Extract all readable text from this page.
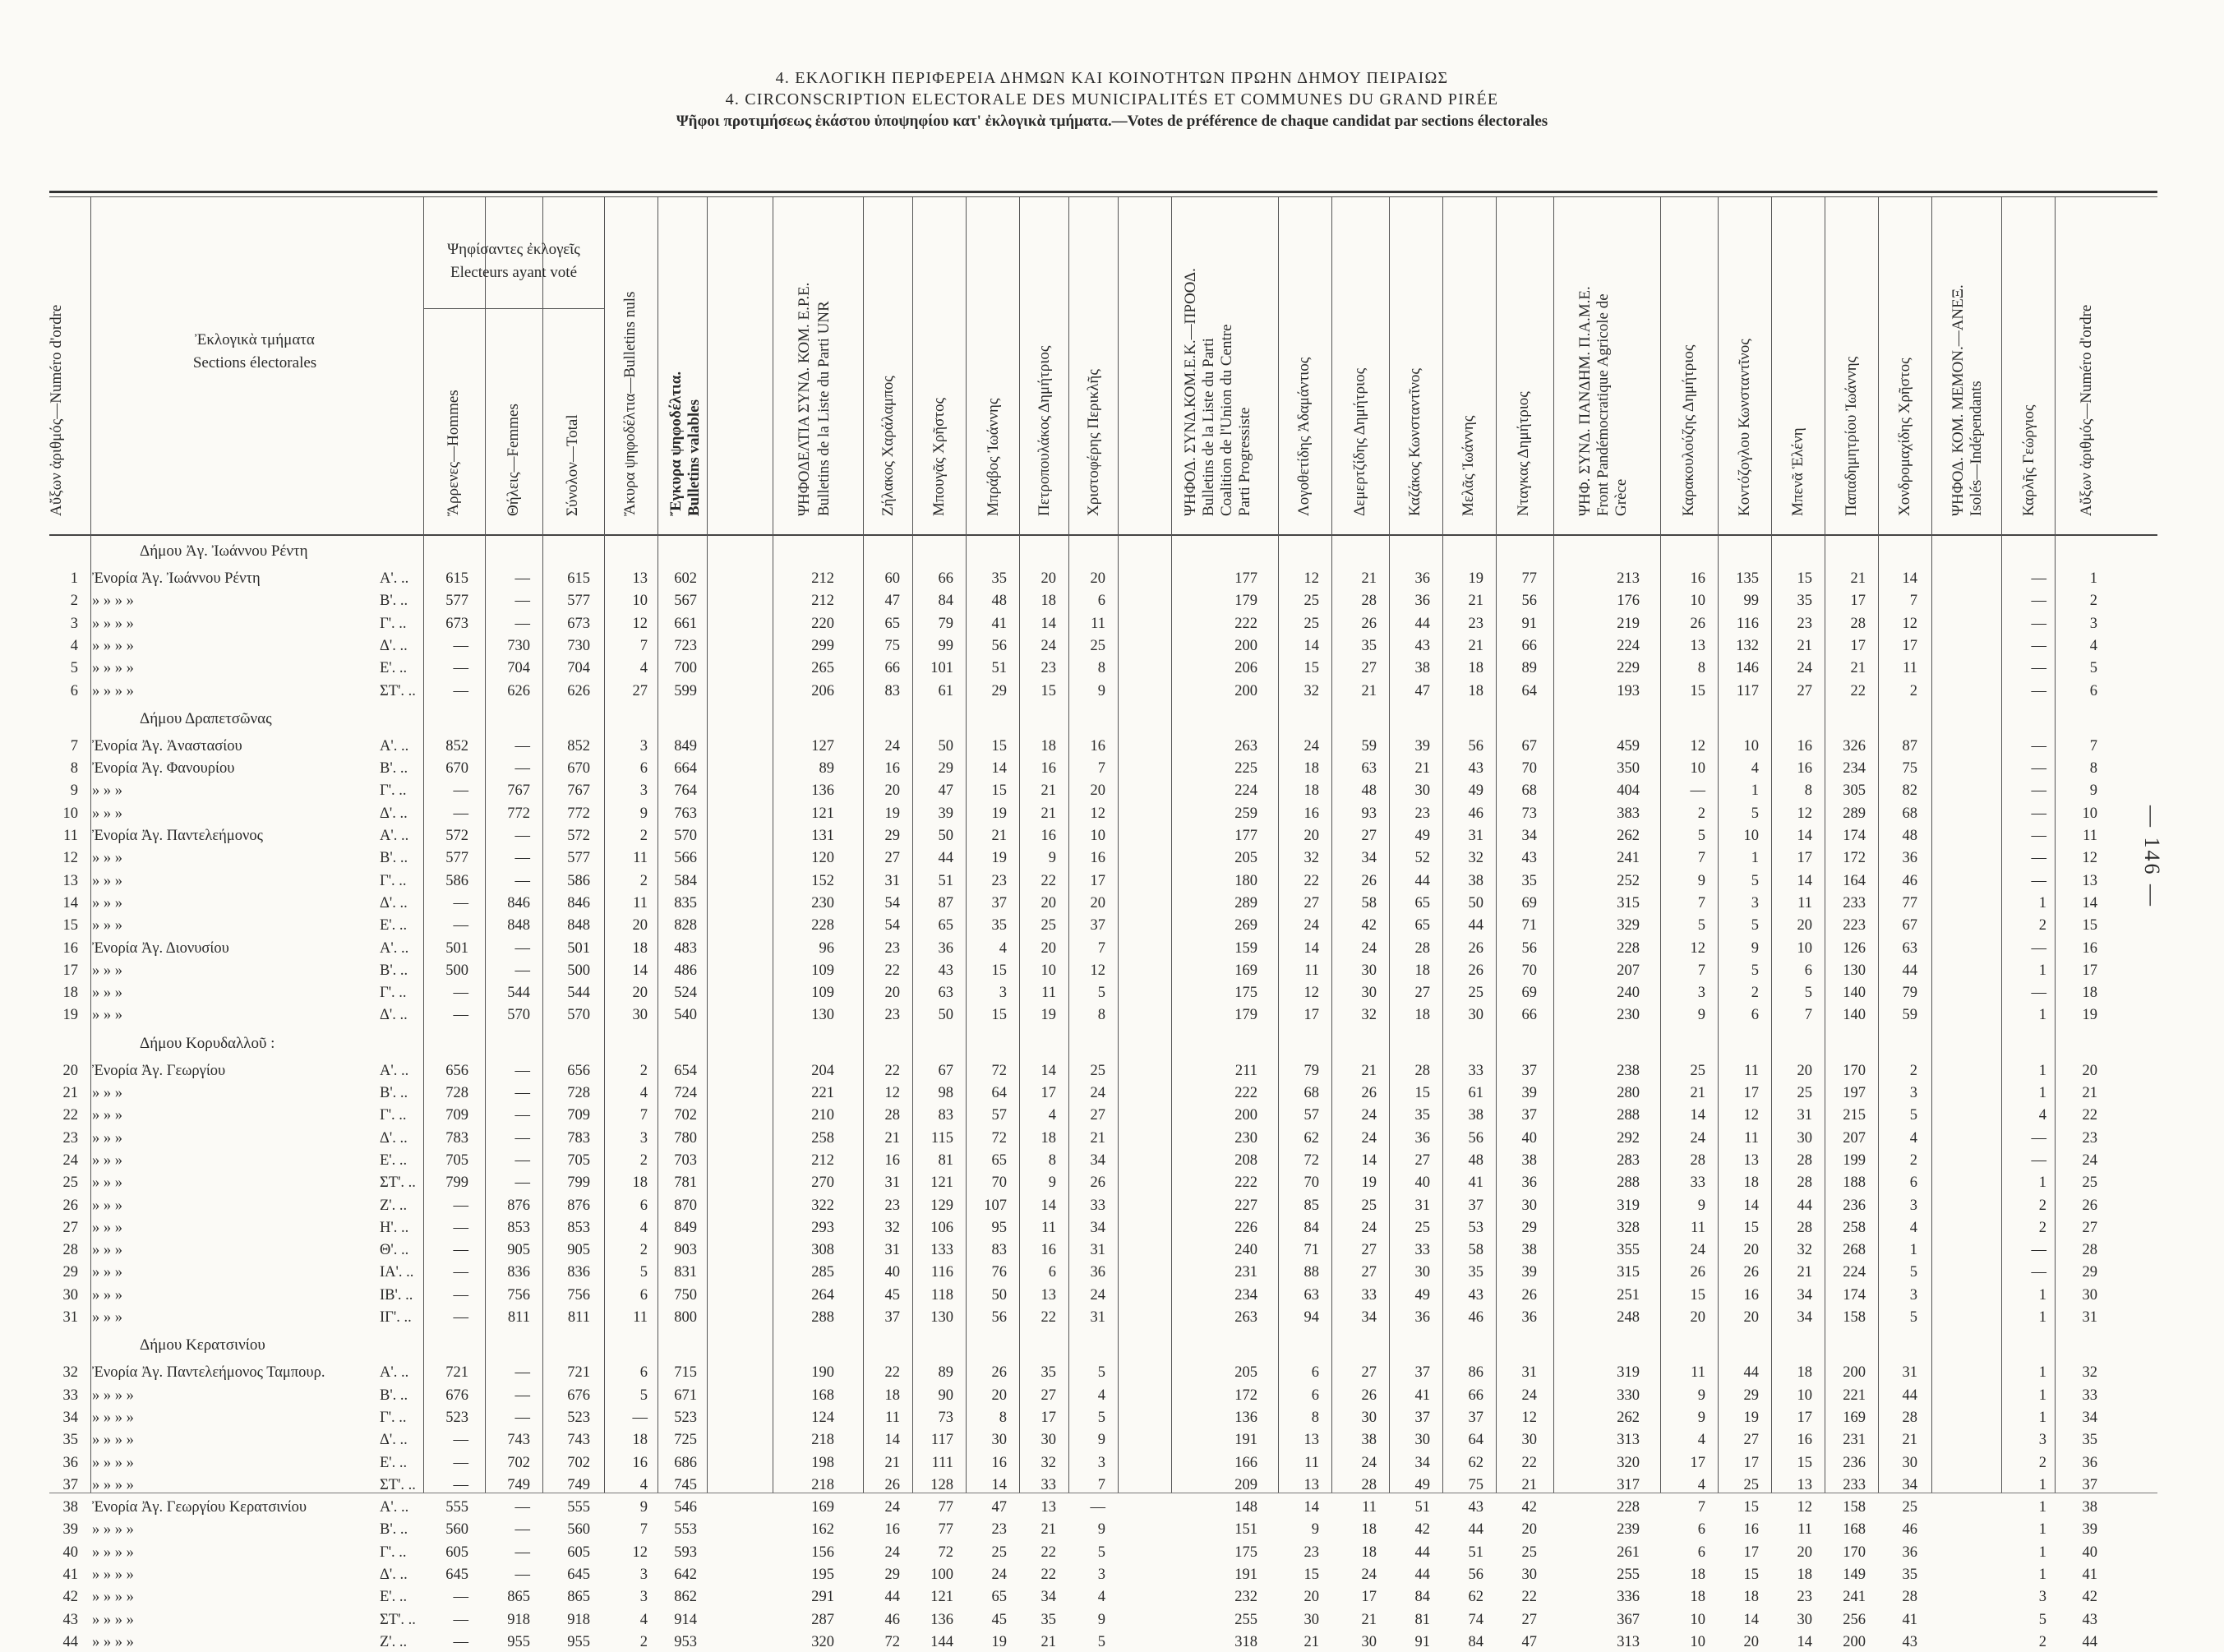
4. ΕΚΛΟΓΙΚΗ ΠΕΡΙΦΕΡΕΙΑ ΔΗΜΩΝ ΚΑΙ ΚΟΙΝΟΤΗΤΩΝ ΠΡΩΗΝ ΔΗΜΟΥ ΠΕΙΡΑΙΩΣ
4. CIRCONSCRIPTION ELECTORALE DES MUNICIPALITÉS ET COMMUNES DU GRAND PIRÉE
Ψῆφοι προτιμήσεως ἑκάστου ὑποψηφίου κατ' ἐκλογικὰ τμήματα.—Votes de préférence de chaque candidat par sections électorales
Αὔξων ἀριθμός—Numéro d'ordre	Ἐκλογικὰ τμήματα
Sections électorales
Ψηφίσαντες ἐκλογεῖς
Electeurs ayant voté
Ἄρρενες—Hommes	Θήλεις—Femmes	Σύνολον—Total	Ἄκυρα ψηφοδέλτια—Bulletins nuls Ἔγκυρα ψηφοδέλτια. Bulletins valables	ΨΗΦΟΔΕΛΤΙΑ ΣΥΝΔ. ΚΟΜ. Ε.Ρ.Ε. Bulletins de la Liste du Parti UNR	Ζήλακος Χαράλαμπος Μπουγᾶς Χρῆστος Μπράβος Ἰωάννης Πετροπουλάκος Δημήτριος Χριστοφέρης Περικλῆς	ΨΗΦΟΔ. ΣΥΝΔ.ΚΟΜ.Ε.Κ.—ΠΡΟΟΔ. Bulletins de la Liste du Parti Coalition de l'Union du Centre Parti Progressiste	Λογοθετίδης Ἀδαμάντιος Δεμερτζίδης Δημήτριος Καζάκος Κωνσταντῖνος Μελᾶς Ἰωάννης Νταγκας Δημήτριος	ΨΗΦ. ΣΥΝΔ. ΠΑΝΔΗΜ. Π.Α.Μ.Ε. Front Pandémocratique Agricole de Grèce	Καρακουλούζης Δημήτριος Κοντόζογλου Κωνσταντῖνος Μπενᾶ Ἑλένη Παπαδημητρίου Ἰωάννης Χονδρομαχίδης Χρῆστος ΨΗΦΟΔ. ΚΟΜ. ΜΕΜΟΝ.—ΑΝΕΞ. Isolés—Indépendants Καρλῆς Γεώργιος	Αὔξων ἀριθμός—Numéro d'ordre
— 146 —
Δήμου Ἀγ. Ἰωάννου Ρέντη
1 Ἐνορία Ἀγ. Ἰωάννου Ρέντη	Α'. ..	615	—	615	13	602	212	60	66	35	20	20	177	12	21	36	19	77	213	16	135	15	21	14	—	1
2 » » » »	Β'. ..	577	—	577	10	567	212	47	84	48	18	6	179	25	28	36	21	56	176	10	99	35	17	7	—	2
3 » » » »	Γ'. ..	673	—	673	12	661	220	65	79	41	14	11	222	25	26	44	23	91	219	26	116	23	28	12	—	3
4 » » » »	Δ'. ..	—	730	730	7	723	299	75	99	56	24	25	200	14	35	43	21	66	224	13	132	21	17	17	—	4
5 » » » »	Ε'. ..	—	704	704	4	700	265	66	101	51	23	8	206	15	27	38	18	89	229	8	146	24	21	11	—	5
6 » » » »	ΣΤ'. ..	—	626	626	27	599	206	83	61	29	15	9	200	32	21	47	18	64	193	15	117	27	22	2	—	6
Δήμου Δραπετσῶνας
7 Ἐνορία Ἀγ. Ἀναστασίου	Α'. ..	852	—	852	3	849	127	24	50	15	18	16	263	24	59	39	56	67	459	12	10	16	326	87	—	7
8 Ἐνορία Ἀγ. Φανουρίου	Β'. ..	670	—	670	6	664	89	16	29	14	16	7	225	18	63	21	43	70	350	10	4	16	234	75	—	8
9 » » »	Γ'. ..	—	767	767	3	764	136	20	47	15	21	20	224	18	48	30	49	68	404	—	1	8	305	82	—	9
10 » » »	Δ'. ..	—	772	772	9	763	121	19	39	19	21	12	259	16	93	23	46	73	383	2	5	12	289	68	—	10
11 Ἐνορία Ἀγ. Παντελεήμονος	Α'. ..	572	—	572	2	570	131	29	50	21	16	10	177	20	27	49	31	34	262	5	10	14	174	48	—	11
12 » » »	Β'. ..	577	—	577	11	566	120	27	44	19	9	16	205	32	34	52	32	43	241	7	1	17	172	36	—	12
13 » » »	Γ'. ..	586	—	586	2	584	152	31	51	23	22	17	180	22	26	44	38	35	252	9	5	14	164	46	—	13
14 » » »	Δ'. ..	—	846	846	11	835	230	54	87	37	20	20	289	27	58	65	50	69	315	7	3	11	233	77	1	14
15 » » »	Ε'. ..	—	848	848	20	828	228	54	65	35	25	37	269	24	42	65	44	71	329	5	5	20	223	67	2	15
16 Ἐνορία Ἀγ. Διονυσίου	Α'. ..	501	—	501	18	483	96	23	36	4	20	7	159	14	24	28	26	56	228	12	9	10	126	63	—	16
17 » » »	Β'. ..	500	—	500	14	486	109	22	43	15	10	12	169	11	30	18	26	70	207	7	5	6	130	44	1	17
18 » » »	Γ'. ..	—	544	544	20	524	109	20	63	3	11	5	175	12	30	27	25	69	240	3	2	5	140	79	—	18
19 » » »	Δ'. ..	—	570	570	30	540	130	23	50	15	19	8	179	17	32	18	30	66	230	9	6	7	140	59	1	19
Δήμου Κορυδαλλοῦ :
20 Ἐνορία Ἀγ. Γεωργίου	Α'. ..	656	—	656	2	654	204	22	67	72	14	25	211	79	21	28	33	37	238	25	11	20	170	2	1	20
21 » » »	Β'. ..	728	—	728	4	724	221	12	98	64	17	24	222	68	26	15	61	39	280	21	17	25	197	3	1	21
22 » » »	Γ'. ..	709	—	709	7	702	210	28	83	57	4	27	200	57	24	35	38	37	288	14	12	31	215	5	4	22
23 » » »	Δ'. ..	783	—	783	3	780	258	21	115	72	18	21	230	62	24	36	56	40	292	24	11	30	207	4	—	23
24 » » »	Ε'. ..	705	—	705	2	703	212	16	81	65	8	34	208	72	14	27	48	38	283	28	13	28	199	2	—	24
25 » » »	ΣΤ'. ..	799	—	799	18	781	270	31	121	70	9	26	222	70	19	40	41	36	288	33	18	28	188	6	1	25
26 » » »	Ζ'. ..	—	876	876	6	870	322	23	129	107	14	33	227	85	25	31	37	30	319	9	14	44	236	3	2	26
27 » » »	Η'. ..	—	853	853	4	849	293	32	106	95	11	34	226	84	24	25	53	29	328	11	15	28	258	4	2	27
28 » » »	Θ'. ..	—	905	905	2	903	308	31	133	83	16	31	240	71	27	33	58	38	355	24	20	32	268	1	—	28
29 » » »	ΙΑ'. ..	—	836	836	5	831	285	40	116	76	6	36	231	88	27	30	35	39	315	26	26	21	224	5	—	29
30 » » »	ΙΒ'. ..	—	756	756	6	750	264	45	118	50	13	24	234	63	33	49	43	26	251	15	16	34	174	3	1	30
31 » » »	ΙΓ'. ..	—	811	811	11	800	288	37	130	56	22	31	263	94	34	36	46	36	248	20	20	34	158	5	1	31
Δήμου Κερατσινίου
32 Ἐνορία Ἀγ. Παντελεήμονος Ταμπουρ.	Α'. ..	721	—	721	6	715	190	22	89	26	35	5	205	6	27	37	86	31	319	11	44	18	200	31	1	32
33 » » » »	Β'. ..	676	—	676	5	671	168	18	90	20	27	4	172	6	26	41	66	24	330	9	29	10	221	44	1	33
34 » » » »	Γ'. ..	523	—	523	—	523	124	11	73	8	17	5	136	8	30	37	37	12	262	9	19	17	169	28	1	34
35 » » » »	Δ'. ..	—	743	743	18	725	218	14	117	30	30	9	191	13	38	30	64	30	313	4	27	16	231	21	3	35
36 » » » »	Ε'. ..	—	702	702	16	686	198	21	111	16	32	3	166	11	24	34	62	22	320	17	17	15	236	30	2	36
37 » » » »	ΣΤ'. ..	—	749	749	4	745	218	26	128	14	33	7	209	13	28	49	75	21	317	4	25	13	233	34	1	37
38 Ἐνορία Ἀγ. Γεωργίου Κερατσινίου	Α'. ..	555	—	555	9	546	169	24	77	47	13	—	148	14	11	51	43	42	228	7	15	12	158	25	1	38
39 » » » »	Β'. ..	560	—	560	7	553	162	16	77	23	21	9	151	9	18	42	44	20	239	6	16	11	168	46	1	39
40 » » » »	Γ'. ..	605	—	605	12	593	156	24	72	25	22	5	175	23	18	44	51	25	261	6	17	20	170	36	1	40
41 » » » »	Δ'. ..	645	—	645	3	642	195	29	100	24	22	3	191	15	24	44	56	30	255	18	15	18	149	35	1	41
42 » » » »	Ε'. ..	—	865	865	3	862	291	44	121	65	34	4	232	20	17	84	62	22	336	18	18	23	241	28	3	42
43 » » » »	ΣΤ'. ..	—	918	918	4	914	287	46	136	45	35	9	255	30	21	81	74	27	367	10	14	30	256	41	5	43
44 » » » »	Ζ'. ..	—	955	955	2	953	320	72	144	19	21	5	318	21	30	91	84	47	313	10	20	14	200	43	2	44
